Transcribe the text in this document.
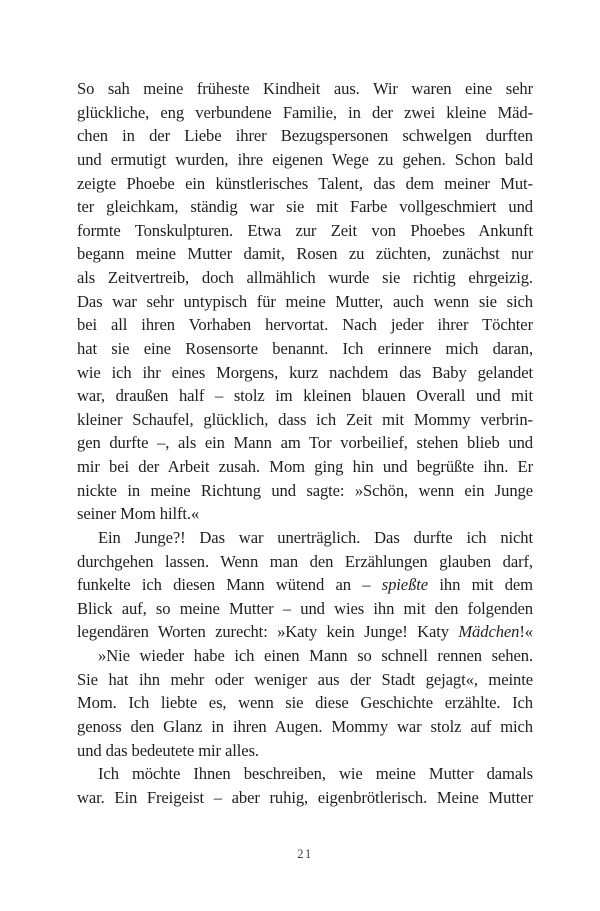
So sah meine früheste Kindheit aus. Wir waren eine sehr
glückliche, eng verbundene Familie, in der zwei kleine Mäd-
chen in der Liebe ihrer Bezugspersonen schwelgen durften
und ermutigt wurden, ihre eigenen Wege zu gehen. Schon bald
zeigte Phoebe ein künstlerisches Talent, das dem meiner Mut-
ter gleichkam, ständig war sie mit Farbe vollgeschmiert und
formte Tonskulpturen. Etwa zur Zeit von Phoebes Ankunft
begann meine Mutter damit, Rosen zu züchten, zunächst nur
als Zeitvertreib, doch allmählich wurde sie richtig ehrgeizig.
Das war sehr untypisch für meine Mutter, auch wenn sie sich
bei all ihren Vorhaben hervortat. Nach jeder ihrer Töchter
hat sie eine Rosensorte benannt. Ich erinnere mich daran,
wie ich ihr eines Morgens, kurz nachdem das Baby gelandet
war, draußen half – stolz im kleinen blauen Overall und mit
kleiner Schaufel, glücklich, dass ich Zeit mit Mommy verbrin-
gen durfte –, als ein Mann am Tor vorbeilief, stehen blieb und
mir bei der Arbeit zusah. Mom ging hin und begrüßte ihn. Er
nickte in meine Richtung und sagte: »Schön, wenn ein Junge
seiner Mom hilft.«
Ein Junge?! Das war unerträglich. Das durfte ich nicht
durchgehen lassen. Wenn man den Erzählungen glauben darf,
funkelte ich diesen Mann wütend an – spießte ihn mit dem
Blick auf, so meine Mutter – und wies ihn mit den folgenden
legendären Worten zurecht: »Katy kein Junge! Katy Mädchen!«
»Nie wieder habe ich einen Mann so schnell rennen sehen.
Sie hat ihn mehr oder weniger aus der Stadt gejagt«, meinte
Mom. Ich liebte es, wenn sie diese Geschichte erzählte. Ich
genoss den Glanz in ihren Augen. Mommy war stolz auf mich
und das bedeutete mir alles.
Ich möchte Ihnen beschreiben, wie meine Mutter damals
war. Ein Freigeist – aber ruhig, eigenbrötlerisch. Meine Mutter
21
